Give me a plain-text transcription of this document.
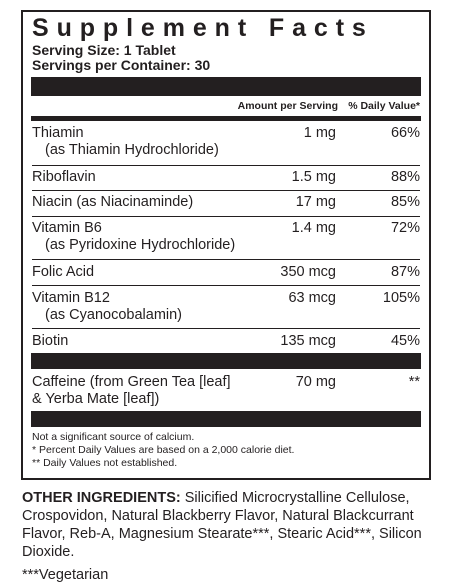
Supplement Facts
Serving Size: 1 Tablet
Servings per Container: 30
Amount per Serving % Daily Value*
Thiamin	1 mg	66%
(as Thiamin Hydrochloride)
Riboflavin	1.5 mg	88%
Niacin (as Niacinaminde)	17 mg	85%
Vitamin B6	1.4 mg	72%
(as Pyridoxine Hydrochloride)
Folic Acid	350 mcg	87%
Vitamin B12	63 mcg	105%
(as Cyanocobalamin)
Biotin	135 mcg	45%
Caffeine (from Green Tea [leaf]	70 mg	**
& Yerba Mate [leaf])
Not a significant source of calcium.
* Percent Daily Values are based on a 2,000 calorie diet.
** Daily Values not established.
OTHER INGREDIENTS: Silicified Microcrystalline Cellulose, Crospovidon, Natural Blackberry Flavor, Natural Blackcurrant Flavor, Reb-A, Magnesium Stearate***, Stearic Acid***, Silicon Dioxide.
***Vegetarian
